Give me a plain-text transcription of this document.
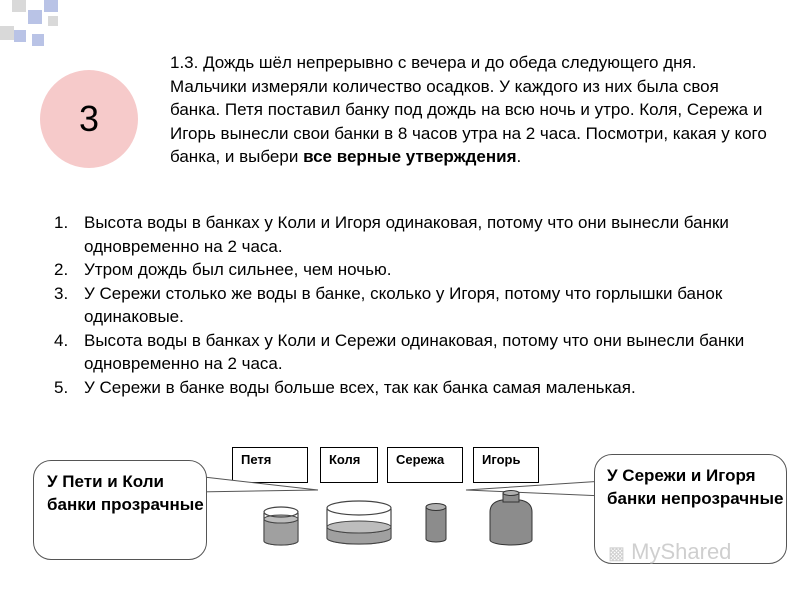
3
1.3. Дождь шёл непрерывно с вечера и до обеда следующего дня. Мальчики измеряли количество осадков. У каждого из них была своя банка. Петя поставил банку под дождь на всю ночь и утро. Коля, Сережа и Игорь вынесли свои банки в 8 часов утра на 2 часа. Посмотри, какая у кого банка, и выбери все верные утверждения.
1. Высота воды в банках у Коли и Игоря одинаковая, потому что они вынесли банки одновременно на 2 часа.
2. Утром дождь был сильнее, чем ночью.
3. У Сережи столько же воды в банке, сколько у Игоря, потому что горлышки банок одинаковые.
4. Высота воды в банках у Коли и Сережи одинаковая, потому что они вынесли банки одновременно на 2 часа.
5. У Сережи в банке воды больше всех, так как банка самая маленькая.
Петя	Коля	Сережа	Игорь
У Пети и Коли банки прозрачные
У Сережи и Игоря банки непрозрачные
▩ MyShared
